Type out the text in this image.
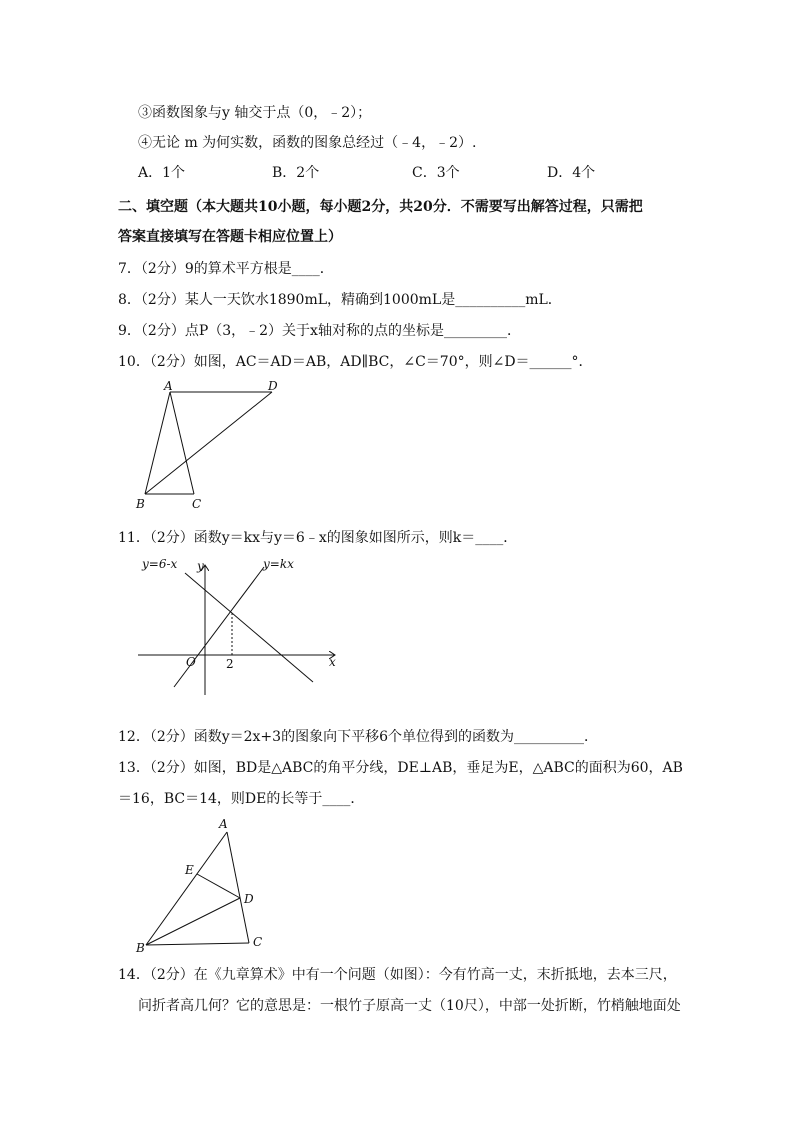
③函数图象与y 轴交于点（0，﹣2）；
④无论 m 为何实数，函数的图象总经过（﹣4，﹣2）.
A．1个	B．2个	C．3个	D．4个
二、填空题（本大题共10小题，每小题2分，共20分．不需要写出解答过程，只需把
答案直接填写在答题卡相应位置上）
7．（2分）9的算术平方根是____．
8．（2分）某人一天饮水1890mL，精确到1000mL是__________mL．
9．（2分）点P（3，﹣2）关于x轴对称的点的坐标是_________．
10．（2分）如图，AC＝AD＝AB，AD∥BC，∠C＝70°，则∠D＝______°．
A	D
B	C
11．（2分）函数y＝kx与y＝6﹣x的图象如图所示，则k＝____．
y=6-x	y=kx
y
x
O	2
12．（2分）函数y＝2x+3的图象向下平移6个单位得到的函数为__________．
13．（2分）如图，BD是△ABC的角平分线，DE⊥AB，垂足为E，△ABC的面积为60，AB
＝16，BC＝14，则DE的长等于____．
A
E
D
B	C
14．（2分）在《九章算术》中有一个问题（如图）：今有竹高一丈，末折抵地，去本三尺，
问折者高几何？它的意思是：一根竹子原高一丈（10尺），中部一处折断，竹梢触地面处
